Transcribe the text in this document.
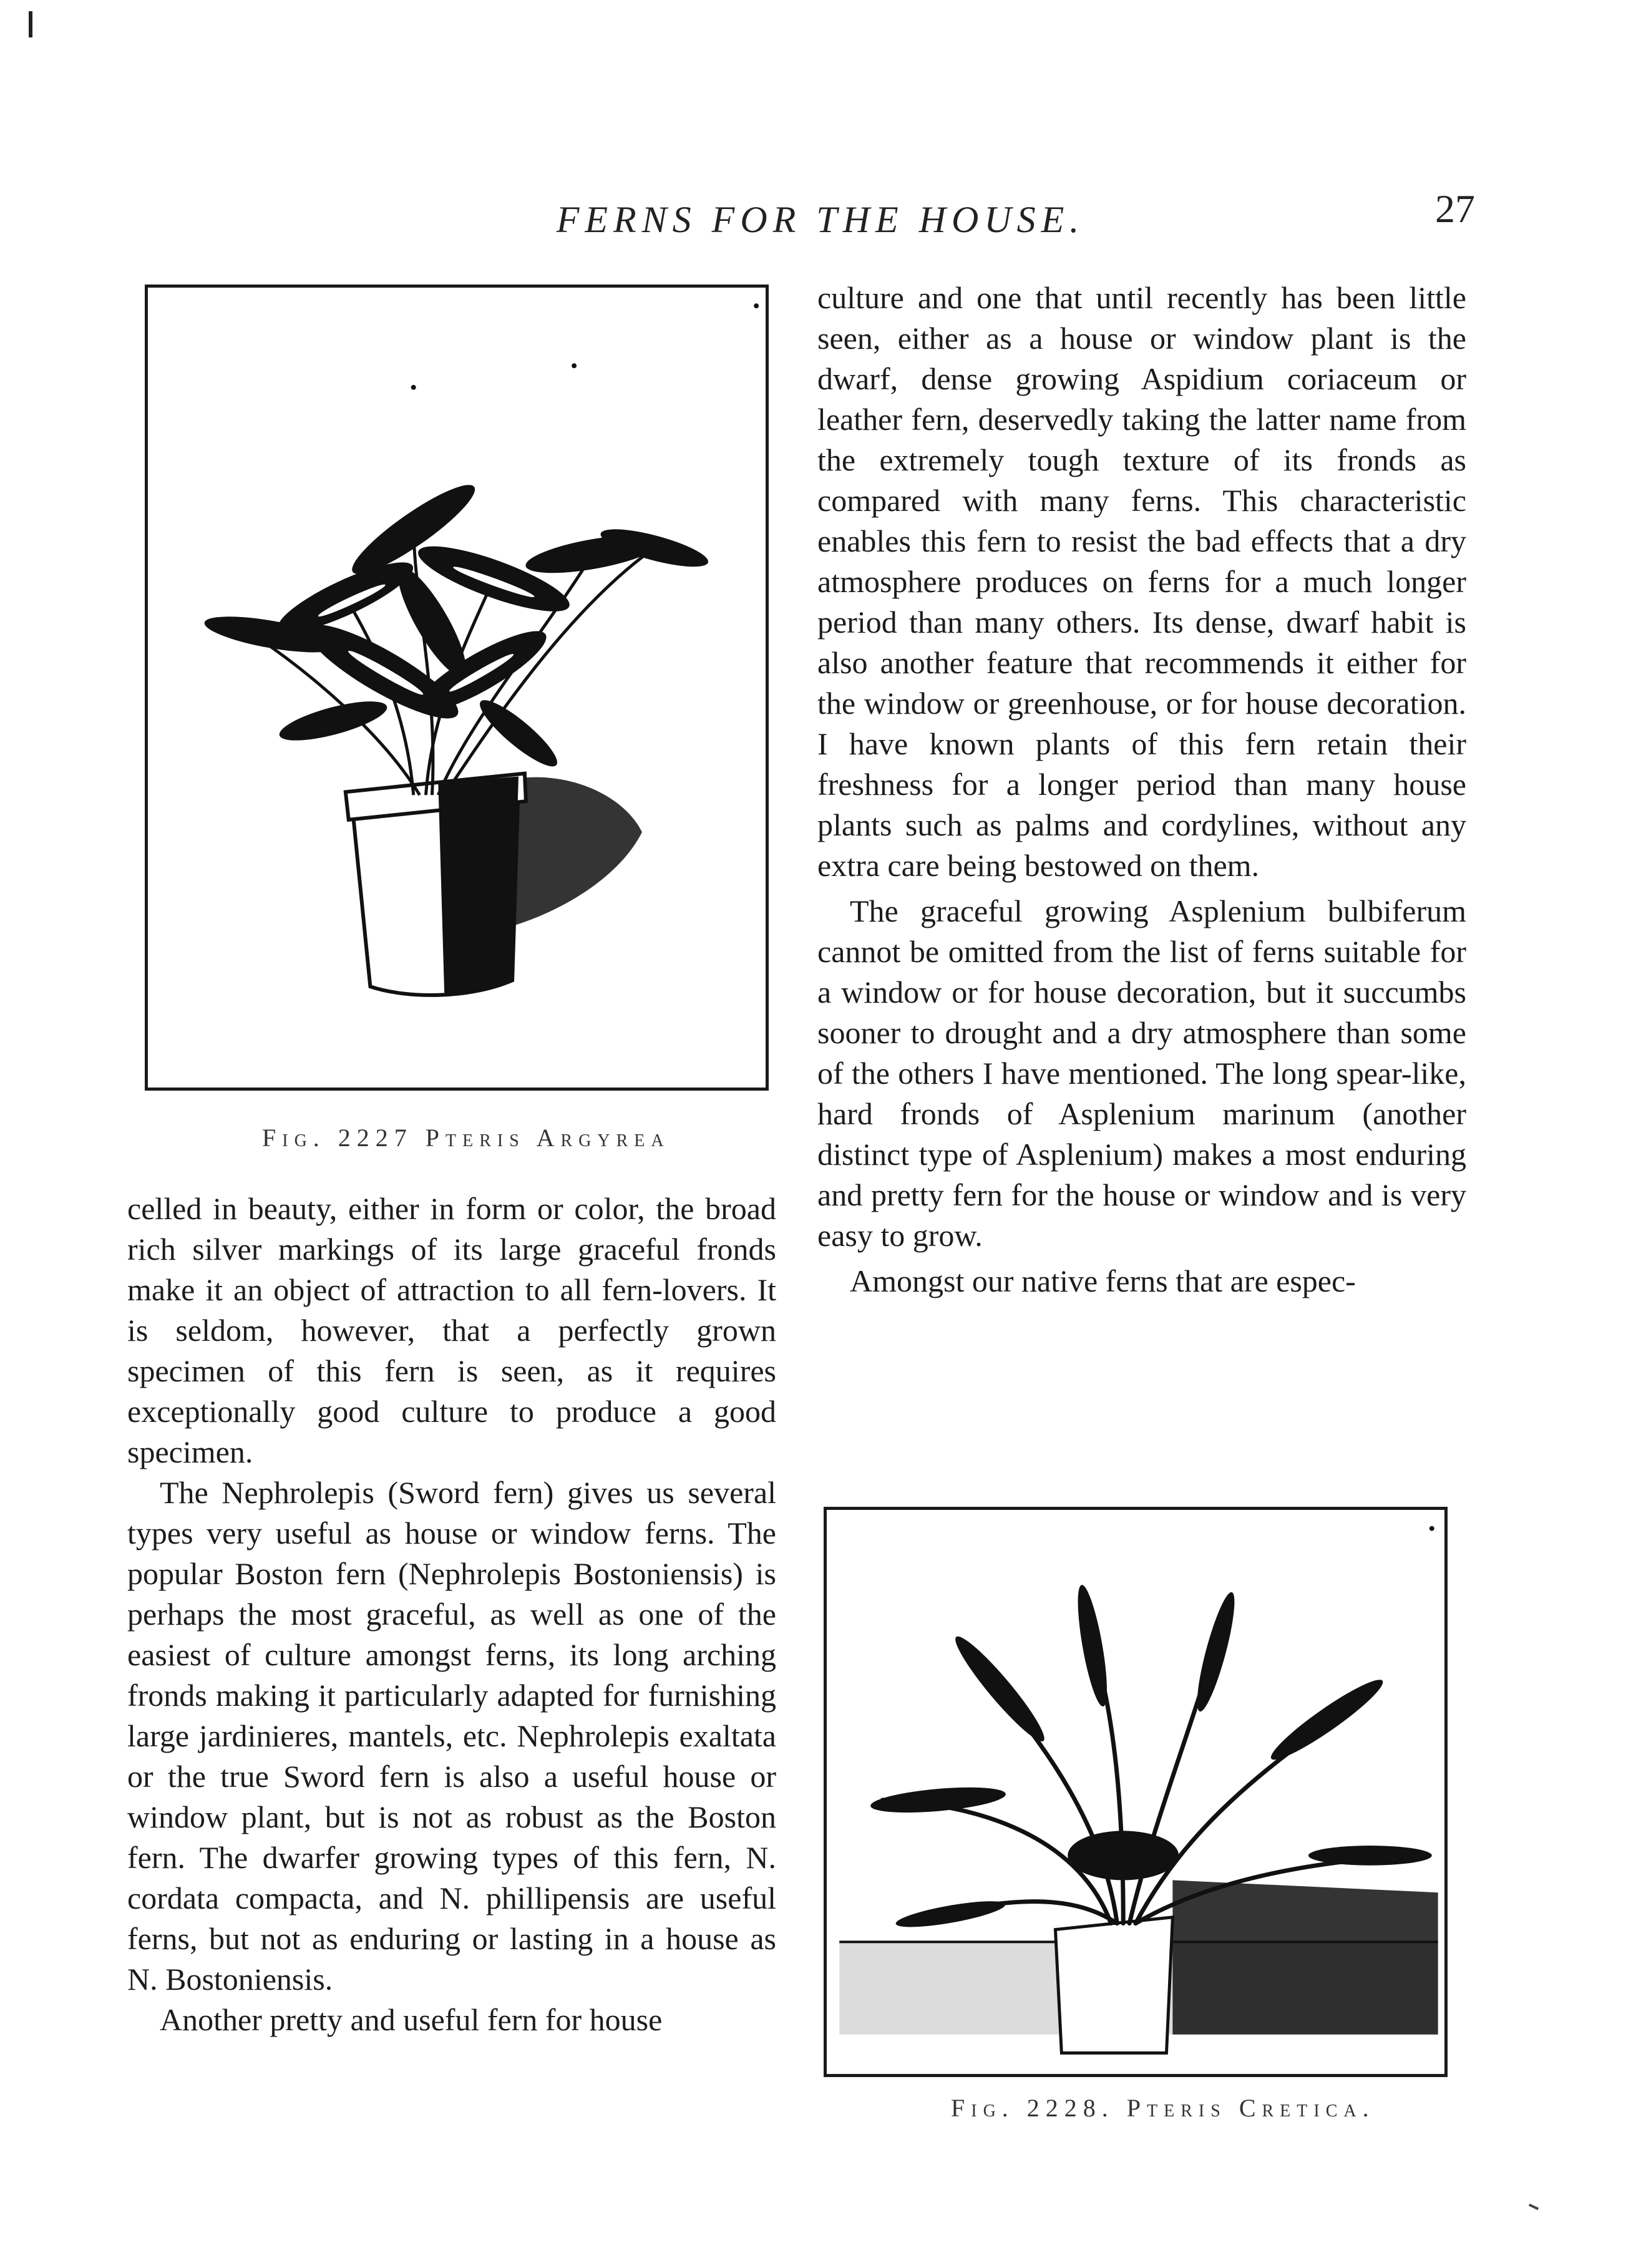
FERNS FOR THE HOUSE.	27
Fig. 2227 Pteris Argyrea
Fig. 2228. Pteris Cretica.

culture and one that until recently has been little seen, either as a house or window plant is the dwarf, dense growing Aspidium coriaceum or leather fern, deservedly taking the latter name from the extremely tough texture of its fronds as compared with many ferns. This characteristic enables this fern to resist the bad effects that a dry atmosphere produces on ferns for a much longer period than many others. Its dense, dwarf habit is also another feature that recommends it either for the window or greenhouse, or for house decoration. I have known plants of this fern retain their freshness for a longer period than many house plants such as palms and cordylines, without any extra care being bestowed on them.

The graceful growing Asplenium bulbiferum cannot be omitted from the list of ferns suitable for a window or for house decoration, but it succumbs sooner to drought and a dry atmosphere than some of the others I have mentioned. The long spear-like, hard fronds of Asplenium marinum (another distinct type of Asplenium) makes a most enduring and pretty fern for the house or window and is very easy to grow.

Amongst our native ferns that are espec-

celled in beauty, either in form or color, the broad rich silver markings of its large graceful fronds make it an object of attraction to all fern-lovers. It is seldom, however, that a perfectly grown specimen of this fern is seen, as it requires exceptionally good culture to produce a good specimen.

The Nephrolepis (Sword fern) gives us several types very useful as house or window ferns. The popular Boston fern (Nephrolepis Bostoniensis) is perhaps the most graceful, as well as one of the easiest of culture amongst ferns, its long arching fronds making it particularly adapted for furnishing large jardinieres, mantels, etc. Nephrolepis exaltata or the true Sword fern is also a useful house or window plant, but is not as robust as the Boston fern. The dwarfer growing types of this fern, N. cordata compacta, and N. phillipensis are useful ferns, but not as enduring or lasting in a house as N. Bostoniensis.

Another pretty and useful fern for house
